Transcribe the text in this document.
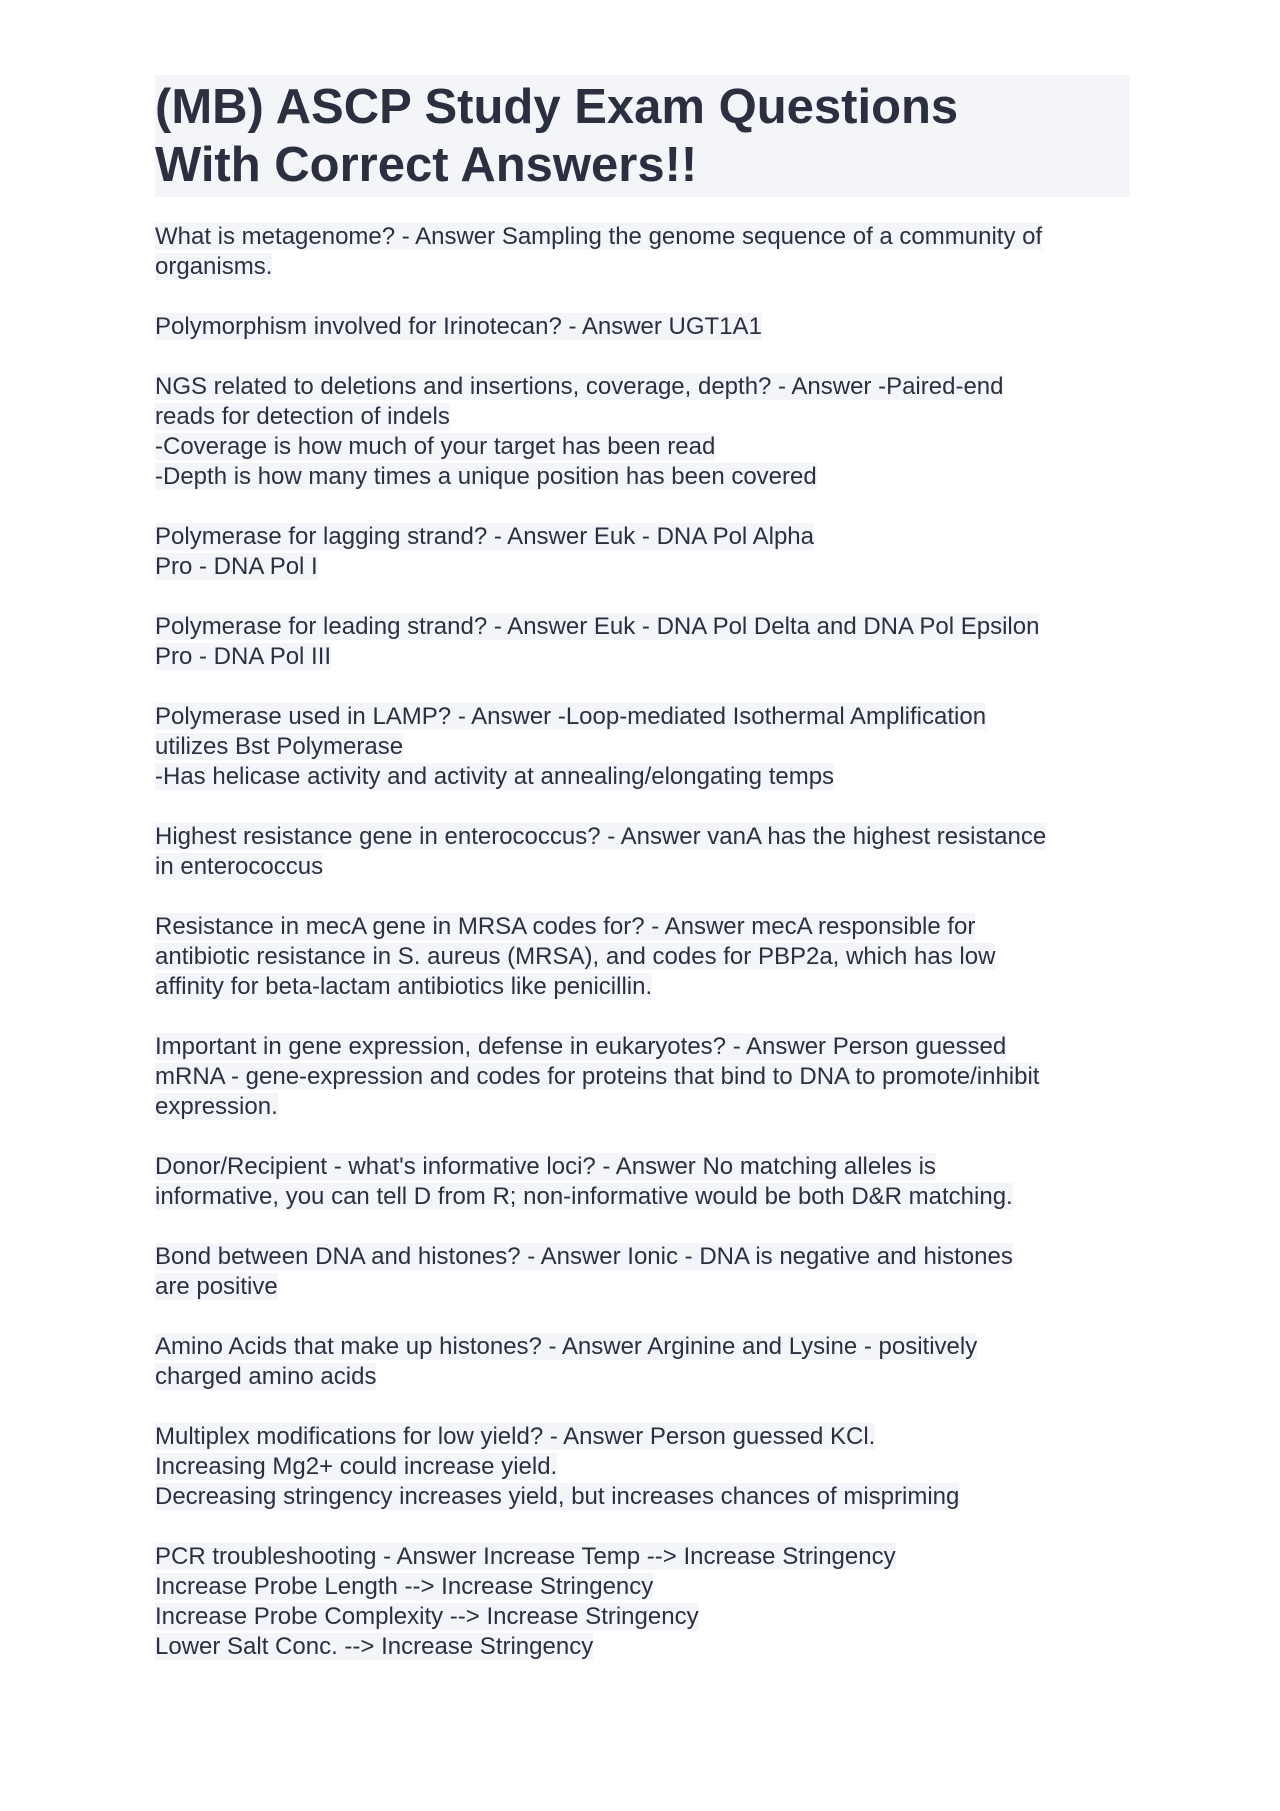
(MB) ASCP Study Exam Questions
With Correct Answers!!
What is metagenome? - Answer Sampling the genome sequence of a community of
organisms.
Polymorphism involved for Irinotecan? - Answer UGT1A1
NGS related to deletions and insertions, coverage, depth? - Answer -Paired-end
reads for detection of indels
-Coverage is how much of your target has been read
-Depth is how many times a unique position has been covered
Polymerase for lagging strand? - Answer Euk - DNA Pol Alpha
Pro - DNA Pol I
Polymerase for leading strand? - Answer Euk - DNA Pol Delta and DNA Pol Epsilon
Pro - DNA Pol III
Polymerase used in LAMP? - Answer -Loop-mediated Isothermal Amplification
utilizes Bst Polymerase
-Has helicase activity and activity at annealing/elongating temps
Highest resistance gene in enterococcus? - Answer vanA has the highest resistance
in enterococcus
Resistance in mecA gene in MRSA codes for? - Answer mecA responsible for
antibiotic resistance in S. aureus (MRSA), and codes for PBP2a, which has low
affinity for beta-lactam antibiotics like penicillin.
Important in gene expression, defense in eukaryotes? - Answer Person guessed
mRNA - gene-expression and codes for proteins that bind to DNA to promote/inhibit
expression.
Donor/Recipient - what's informative loci? - Answer No matching alleles is
informative, you can tell D from R; non-informative would be both D&R matching.
Bond between DNA and histones? - Answer Ionic - DNA is negative and histones
are positive
Amino Acids that make up histones? - Answer Arginine and Lysine - positively
charged amino acids
Multiplex modifications for low yield? - Answer Person guessed KCl.
Increasing Mg2+ could increase yield.
Decreasing stringency increases yield, but increases chances of mispriming
PCR troubleshooting - Answer Increase Temp --> Increase Stringency
Increase Probe Length --> Increase Stringency
Increase Probe Complexity --> Increase Stringency
Lower Salt Conc. --> Increase Stringency
